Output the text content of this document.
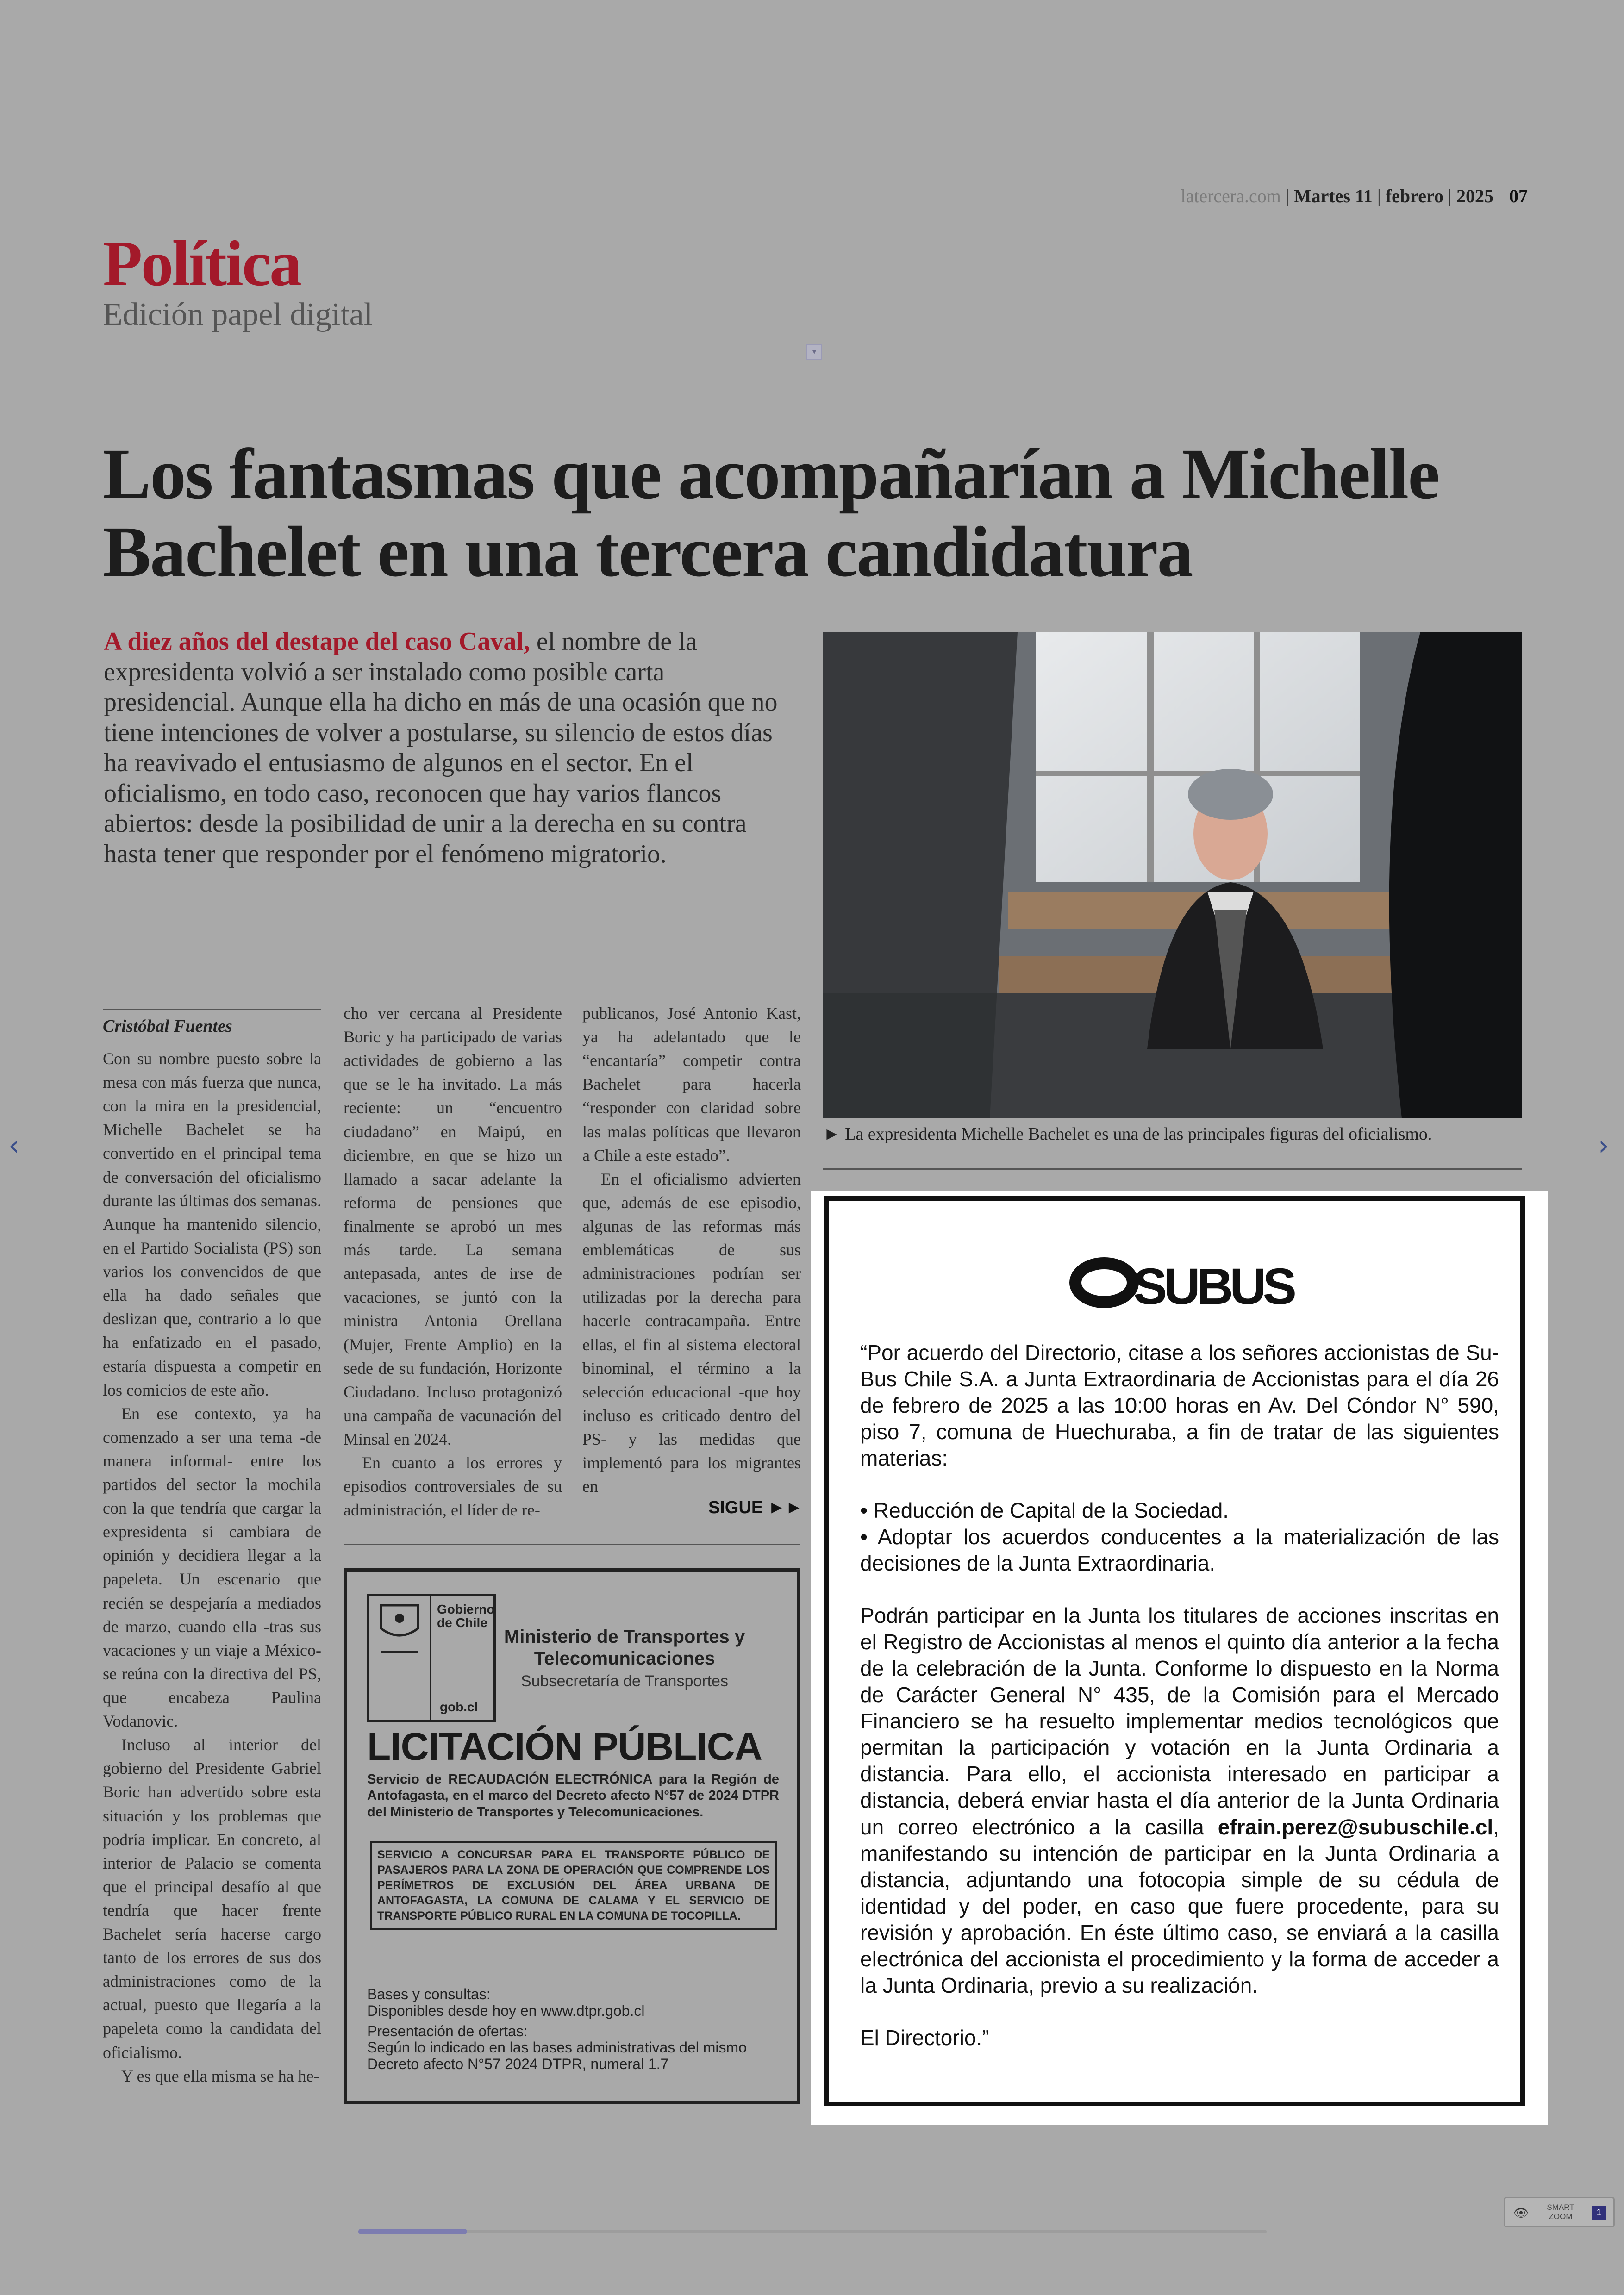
latercera.com | Martes 11 | febrero | 2025 07
Política
Edición papel digital
▾
Los fantasmas que acompañarían a Michelle Bachelet en una tercera candidatura
A diez años del destape del caso Caval, el nombre de la expresidenta volvió a ser instalado como posible carta presidencial. Aunque ella ha dicho en más de una ocasión que no tiene intenciones de volver a postularse, su silencio de estos días ha reavivado el entusiasmo de algunos en el sector. En el oficialismo, en todo caso, reconocen que hay varios flancos abiertos: desde la posibilidad de unir a la derecha en su contra hasta tener que responder por el fenómeno migratorio.
► La expresidenta Michelle Bachelet es una de las principales figuras del oficialismo.
Cristóbal Fuentes

Con su nombre puesto sobre la mesa con más fuerza que nunca, con la mira en la presidencial, Michelle Bachelet se ha convertido en el principal tema de conversación del oficialismo durante las últimas dos semanas. Aunque ha mantenido silencio, en el Partido Socialista (PS) son varios los convencidos de que ella ha dado señales que deslizan que, contrario a lo que ha enfatizado en el pasado, estaría dispuesta a competir en los comicios de este año.

En ese contexto, ya ha comenzado a ser una tema -de manera informal- entre los partidos del sector la mochila con la que tendría que cargar la expresidenta si cambiara de opinión y decidiera llegar a la papeleta. Un escenario que recién se despejaría a mediados de marzo, cuando ella -tras sus vacaciones y un viaje a México- se reúna con la directiva del PS, que encabeza Paulina Vodanovic.

Incluso al interior del gobierno del Presidente Gabriel Boric han advertido sobre esta situación y los problemas que podría implicar. En concreto, al interior de Palacio se comenta que el principal desafío al que tendría que hacer frente Bachelet sería hacerse cargo tanto de los errores de sus dos administraciones como de la actual, puesto que llegaría a la papeleta como la candidata del oficialismo.

Y es que ella misma se ha he-

cho ver cercana al Presidente Boric y ha participado de varias actividades de gobierno a las que se le ha invitado. La más reciente: un “encuentro ciudadano” en Maipú, en diciembre, en que se hizo un llamado a sacar adelante la reforma de pensiones que finalmente se aprobó un mes más tarde. La semana antepasada, antes de irse de vacaciones, se juntó con la ministra Antonia Orellana (Mujer, Frente Amplio) en la sede de su fundación, Horizonte Ciudadano. Incluso protagonizó una campaña de vacunación del Minsal en 2024.

En cuanto a los errores y episodios controversiales de su administración, el líder de re-

publicanos, José Antonio Kast, ya ha adelantado que le “encantaría” competir contra Bachelet para hacerla “responder con claridad sobre las malas políticas que llevaron a Chile a este estado”.

En el oficialismo advierten que, además de ese episodio, algunas de las reformas más emblemáticas de sus administraciones podrían ser utilizadas por la derecha para hacerle contracampaña. Entre ellas, el fin al sistema electoral binominal, el término a la selección educacional -que hoy incluso es criticado dentro del PS- y las medidas que implementó para los migrantes en

SIGUE ►►
Gobierno
de Chile
gob.cl
Ministerio de Transportes y Telecomunicaciones
Subsecretaría de Transportes
LICITACIÓN PÚBLICA
Servicio de RECAUDACIÓN ELECTRÓNICA para la Región de Antofagasta, en el marco del Decreto afecto N°57 de 2024 DTPR del Ministerio de Transportes y Telecomunicaciones.
SERVICIO A CONCURSAR PARA EL TRANSPORTE PÚBLICO DE PASAJEROS PARA LA ZONA DE OPERACIÓN QUE COMPRENDE LOS PERÍMETROS DE EXCLUSIÓN DEL ÁREA URBANA DE ANTOFAGASTA, LA COMUNA DE CALAMA Y EL SERVICIO DE TRANSPORTE PÚBLICO RURAL EN LA COMUNA DE TOCOPILLA.
Bases y consultas:
Disponibles desde hoy en www.dtpr.gob.cl
Presentación de ofertas:
Según lo indicado en las bases administrativas del mismo Decreto afecto N°57 2024 DTPR, numeral 1.7
SUBUS

“Por acuerdo del Directorio, citase a los señores accionistas de Su-Bus Chile S.A. a Junta Extraordinaria de Accionistas para el día 26 de febrero de 2025 a las 10:00 horas en Av. Del Cóndor N° 590, piso 7, comuna de Huechuraba, a fin de tratar de las siguientes materias:

• Reducción de Capital de la Sociedad.

• Adoptar los acuerdos conducentes a la materialización de las decisiones de la Junta Extraordinaria.

Podrán participar en la Junta los titulares de acciones inscritas en el Registro de Accionistas al menos el quinto día anterior a la fecha de la celebración de la Junta. Conforme lo dispuesto en la Norma de Carácter General N° 435, de la Comisión para el Mercado Financiero se ha resuelto implementar medios tecnológicos que permitan la participación y votación en la Junta Ordinaria a distancia. Para ello, el accionista interesado en participar a distancia, deberá enviar hasta el día anterior de la Junta Ordinaria un correo electrónico a la casilla efrain.perez@subuschile.cl, manifestando su intención de participar en la Junta Ordinaria a distancia, adjuntando una fotocopia simple de su cédula de identidad y del poder, en caso que fuere procedente, para su revisión y aprobación. En éste último caso, se enviará a la casilla electrónica del accionista el procedimiento y la forma de acceder a la Junta Ordinaria, previo a su realización.

El Directorio.”

‹	›
👁	SMART ZOOM	1
